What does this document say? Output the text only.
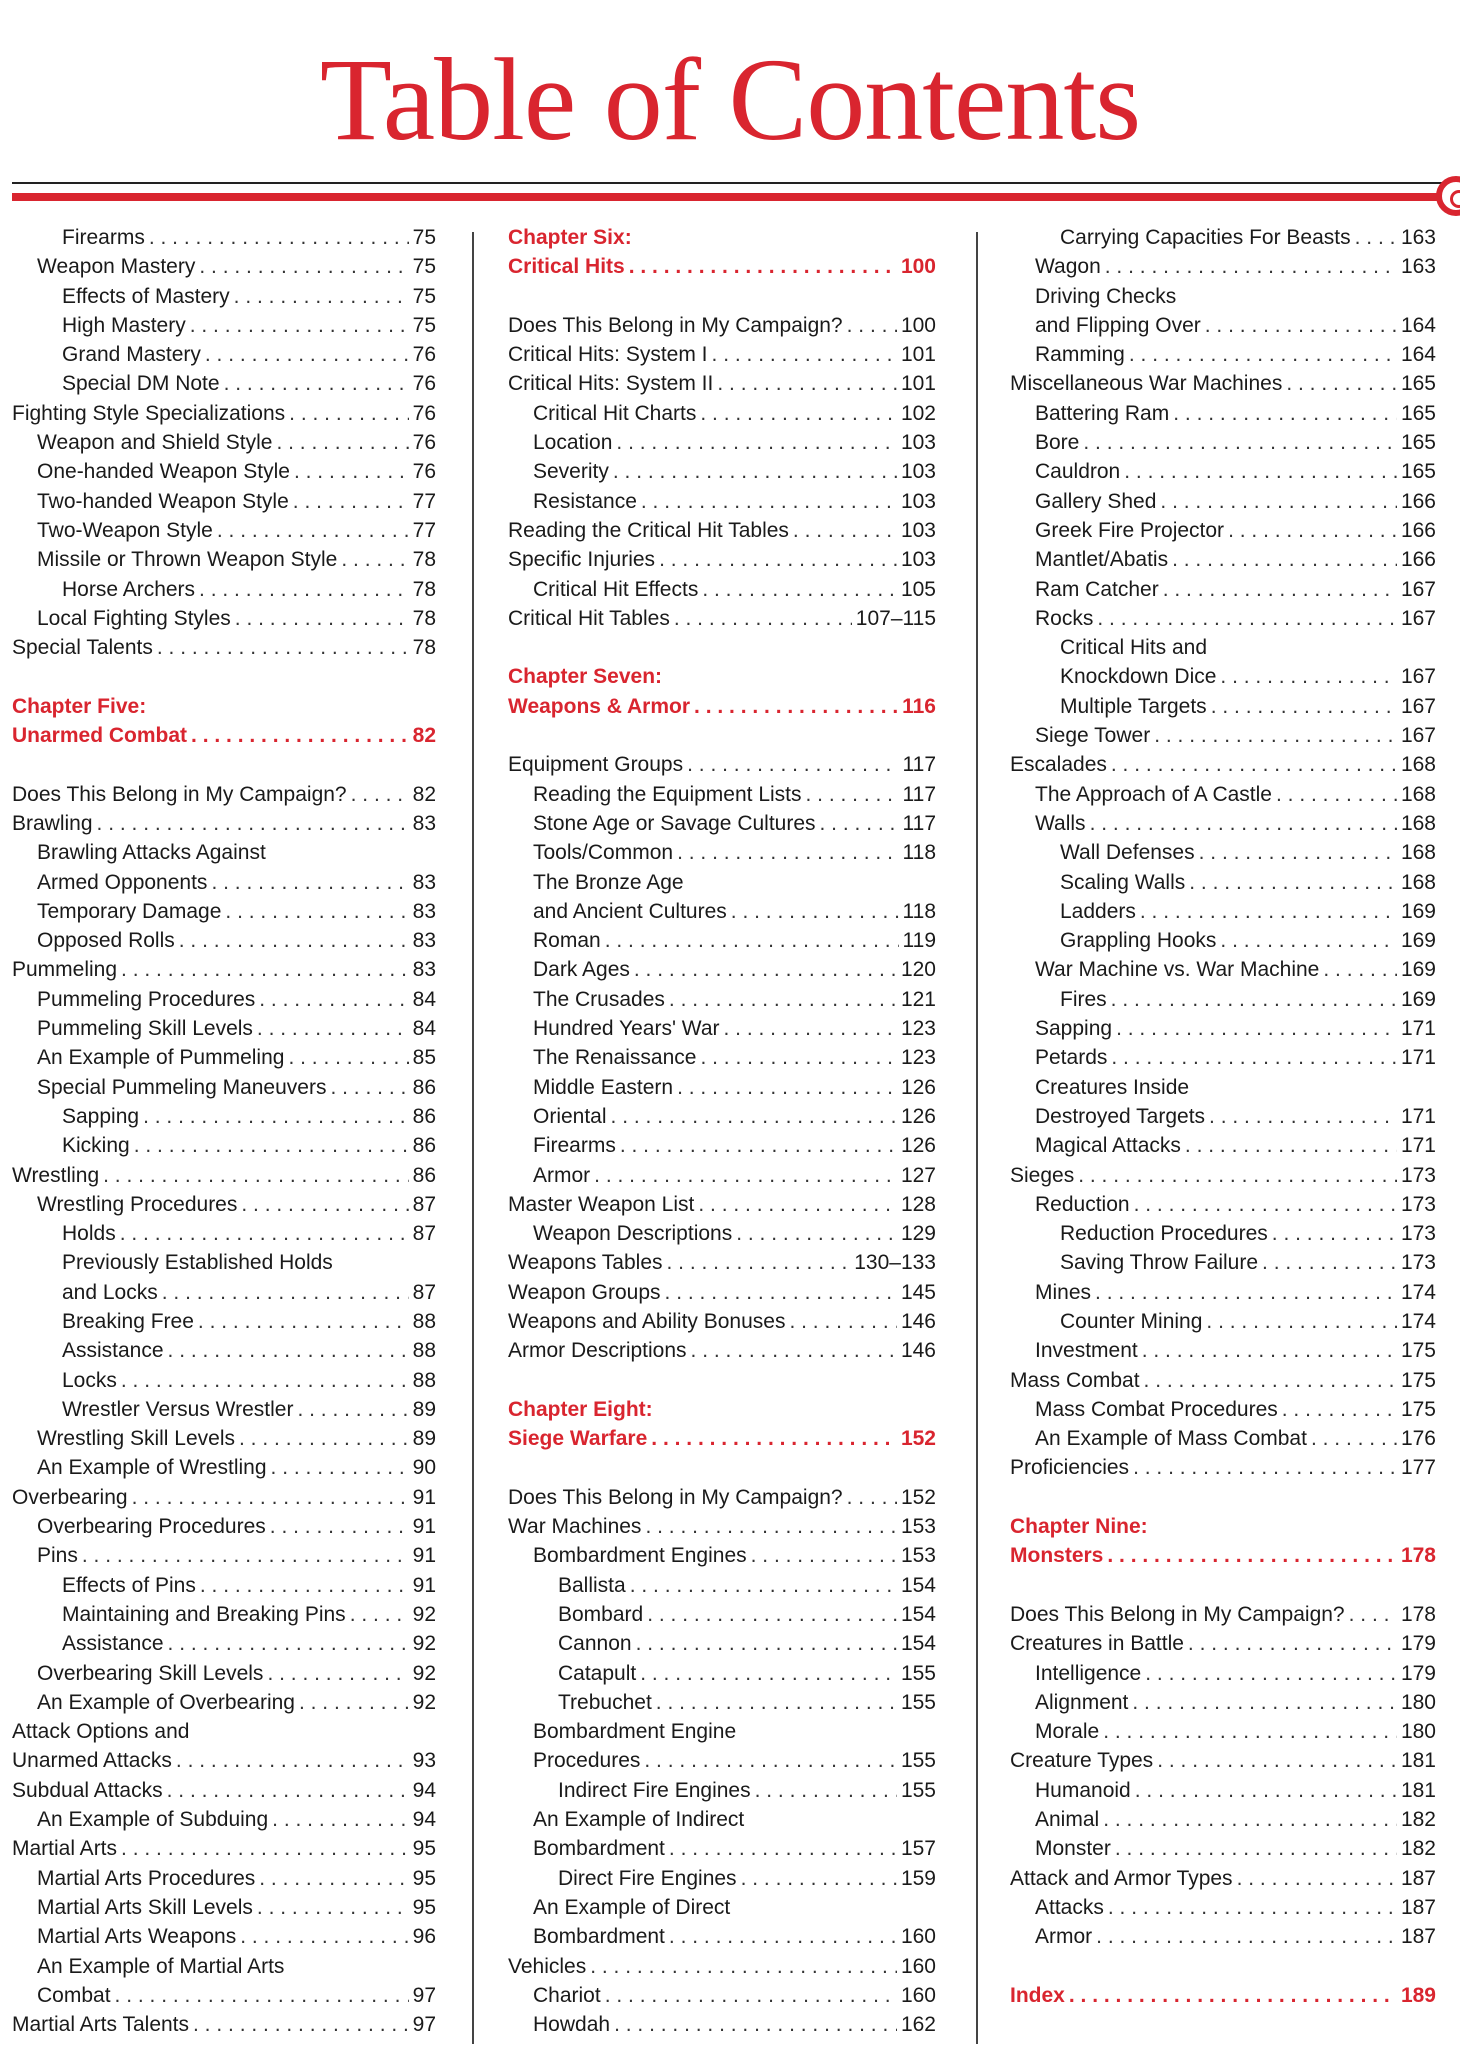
Table of Contents
Firearms . . .	75
Weapon Mastery . . .	75
Effects of Mastery . . .	75
High Mastery . . .	75
Grand Mastery . . .	76
Special DM Note . . .	76
Fighting Style Specializations . . .	76
Weapon and Shield Style . . .	76
One-handed Weapon Style . . .	76
Two-handed Weapon Style . . .	77
Two-Weapon Style . . .	77
Missile or Thrown Weapon Style . . .	78
Horse Archers . . .	78
Local Fighting Styles . . .	78
Special Talents . . .	78
Chapter Five:
Unarmed Combat . . .	82
Does This Belong in My Campaign? . . .	82
Brawling . . .	83
Brawling Attacks Against
Armed Opponents . . .	83
Temporary Damage . . .	83
Opposed Rolls . . .	83
Pummeling . . .	83
Pummeling Procedures . . .	84
Pummeling Skill Levels . . .	84
An Example of Pummeling . . .	85
Special Pummeling Maneuvers . . .	86
Sapping . . .	86
Kicking . . .	86
Wrestling . . .	86
Wrestling Procedures . . .	87
Holds . . .	87
Previously Established Holds
and Locks . . .	87
Breaking Free . . .	88
Assistance . . .	88
Locks . . .	88
Wrestler Versus Wrestler . . .	89
Wrestling Skill Levels . . .	89
An Example of Wrestling . . .	90
Overbearing . . .	91
Overbearing Procedures . . .	91
Pins . . .	91
Effects of Pins . . .	91
Maintaining and Breaking Pins . . .	92
Assistance . . .	92
Overbearing Skill Levels . . .	92
An Example of Overbearing . . .	92
Attack Options and
Unarmed Attacks . . .	93
Subdual Attacks . . .	94
An Example of Subduing . . .	94
Martial Arts . . .	95
Martial Arts Procedures . . .	95
Martial Arts Skill Levels . . .	95
Martial Arts Weapons . . .	96
An Example of Martial Arts
Combat . . .	97
Martial Arts Talents . . .	97
Chapter Six:
Critical Hits . . .	100
Does This Belong in My Campaign? . . .	100
Critical Hits: System I . . .	101
Critical Hits: System II . . .	101
Critical Hit Charts . . .	102
Location . . .	103
Severity . . .	103
Resistance . . .	103
Reading the Critical Hit Tables . . .	103
Specific Injuries . . .	103
Critical Hit Effects . . .	105
Critical Hit Tables . . .	107–115
Chapter Seven:
Weapons & Armor . . .	116
Equipment Groups . . .	117
Reading the Equipment Lists . . .	117
Stone Age or Savage Cultures . . .	117
Tools/Common . . .	118
The Bronze Age
and Ancient Cultures . . .	118
Roman . . .	119
Dark Ages . . .	120
The Crusades . . .	121
Hundred Years' War . . .	123
The Renaissance . . .	123
Middle Eastern . . .	126
Oriental . . .	126
Firearms . . .	126
Armor . . .	127
Master Weapon List . . .	128
Weapon Descriptions . . .	129
Weapons Tables . . .	130–133
Weapon Groups . . .	145
Weapons and Ability Bonuses . . .	146
Armor Descriptions . . .	146
Chapter Eight:
Siege Warfare . . .	152
Does This Belong in My Campaign? . . .	152
War Machines . . .	153
Bombardment Engines . . .	153
Ballista . . .	154
Bombard . . .	154
Cannon . . .	154
Catapult . . .	155
Trebuchet . . .	155
Bombardment Engine
Procedures . . .	155
Indirect Fire Engines . . .	155
An Example of Indirect
Bombardment . . .	157
Direct Fire Engines . . .	159
An Example of Direct
Bombardment . . .	160
Vehicles . . .	160
Chariot . . .	160
Howdah . . .	162
Carrying Capacities For Beasts . . . 163
Wagon . . .	163
Driving Checks
and Flipping Over . . .	164
Ramming . . .	164
Miscellaneous War Machines . . .	165
Battering Ram . . .	165
Bore . . .	165
Cauldron . . .	165
Gallery Shed . . .	166
Greek Fire Projector . . .	166
Mantlet/Abatis . . .	166
Ram Catcher . . .	167
Rocks . . .	167
Critical Hits and
Knockdown Dice . . .	167
Multiple Targets . . .	167
Siege Tower . . .	167
Escalades . . .	168
The Approach of A Castle . . .	168
Walls . . .	168
Wall Defenses . . .	168
Scaling Walls . . .	168
Ladders . . .	169
Grappling Hooks . . .	169
War Machine vs. War Machine . . .	169
Fires . . .	169
Sapping . . .	171
Petards . . .	171
Creatures Inside
Destroyed Targets . . .	171
Magical Attacks . . .	171
Sieges . . .	173
Reduction . . .	173
Reduction Procedures . . .	173
Saving Throw Failure . . .	173
Mines . . .	174
Counter Mining . . .	174
Investment . . .	175
Mass Combat . . .	175
Mass Combat Procedures . . .	175
An Example of Mass Combat . . .	176
Proficiencies . . .	177
Chapter Nine:
Monsters . . .	178
Does This Belong in My Campaign? . . .	178
Creatures in Battle . . .	179
Intelligence . . .	179
Alignment . . .	180
Morale . . .	180
Creature Types . . .	181
Humanoid . . .	181
Animal . . .	182
Monster . . .	182
Attack and Armor Types . . .	187
Attacks . . .	187
Armor . . .	187
Index . . .	189
